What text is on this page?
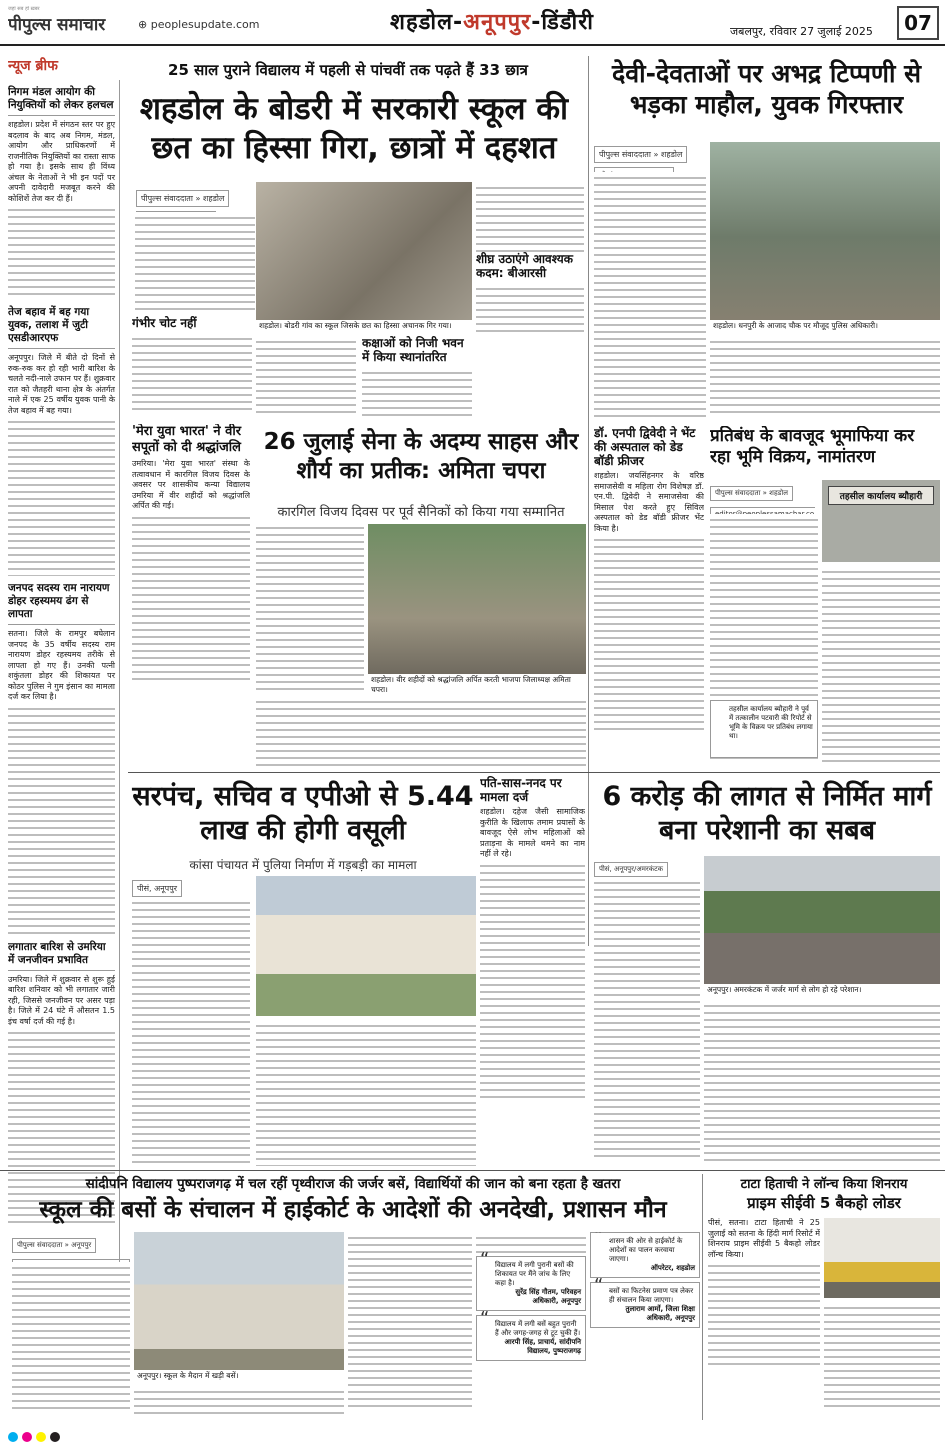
जहां सब हो ख़बर
पीपुल्स समाचार	⊕ peoplesupdate.com	शहडोल-अनूपपुर-डिंडौरी	जबलपुर, रविवार 27 जुलाई 2025	07
न्यूज ब्रीफ
निगम मंडल आयोग की नियुक्तियों को लेकर हलचल
शहडोल। प्रदेश में संगठन स्तर पर हुए बदलाव के बाद अब निगम, मंडल, आयोग और प्राधिकरणों में राजनीतिक नियुक्तियों का रास्ता साफ हो गया है। इसके साथ ही विंध्य अंचल के नेताओं ने भी इन पदों पर अपनी दावेदारी मजबूत करने की कोशिशें तेज कर दी हैं।
तेज बहाव में बह गया युवक, तलाश में जुटी एसडीआरएफ
अनूपपुर। जिले में बीते दो दिनों से रुक-रुक कर हो रही भारी बारिश के चलते नदी-नाले उफान पर हैं। शुक्रवार रात को जैतहरी थाना क्षेत्र के अंतर्गत नाले में एक 25 वर्षीय युवक पानी के तेज बहाव में बह गया।
जनपद सदस्य राम नारायण डोहर रहस्यमय ढंग से लापता
सतना। जिले के रामपुर बघेलान जनपद के 35 वर्षीय सदस्य राम नारायण डोहर रहस्यमय तरीके से लापता हो गए हैं। उनकी पत्नी शकुंतला डोहर की शिकायत पर कोठर पुलिस ने गुम इंसान का मामला दर्ज कर लिया है।
लगातार बारिश से उमरिया में जनजीवन प्रभावित
उमरिया। जिले में शुक्रवार से शुरू हुई बारिश शनिवार को भी लगातार जारी रही, जिससे जनजीवन पर असर पड़ा है। जिले में 24 घंटे में औसतन 1.5 इंच वर्षा दर्ज की गई है।
25 साल पुराने विद्यालय में पहली से पांचवीं तक पढ़ते हैं 33 छात्र
शहडोल के बोडरी में सरकारी स्कूल की छत का हिस्सा गिरा, छात्रों में दहशत
पीपुल्स संवाददाता » शहडोल
शहडोल। बोडरी गांव का स्कूल जिसके छत का हिस्सा अचानक गिर गया।
शीघ्र उठाएंगे आवश्यक कदम: बीआरसी
गंभीर चोट नहीं
कक्षाओं को निजी भवन में किया स्थानांतरित
'मेरा युवा भारत' ने वीर सपूतों को दी श्रद्धांजलि
उमरिया। 'मेरा युवा भारत' संस्था के तत्वावधान में कारगिल विजय दिवस के अवसर पर शासकीय कन्या विद्यालय उमरिया में वीर शहीदों को श्रद्धांजलि अर्पित की गई।
26 जुलाई सेना के अदम्य साहस और शौर्य का प्रतीक: अमिता चपरा
कारगिल विजय दिवस पर पूर्व सैनिकों को किया गया सम्मानित
शहडोल। वीर शहीदों को श्रद्धांजलि अर्पित करती भाजपा जिलाध्यक्ष अमिता चपरा।
देवी-देवताओं पर अभद्र टिप्पणी से भड़का माहौल, युवक गिरफ्तार
पीपुल्स संवाददाता » शहडोल
शहडोल। धनपुरी के आजाद चौक पर मौजूद पुलिस अधिकारी।
डॉ. एनपी द्विवेदी ने भेंट की अस्पताल को डेड बॉडी फ्रीजर
शहडोल। जयसिंहनगर के वरिष्ठ समाजसेवी व महिला रोग विशेषज्ञ डॉ. एन.पी. द्विवेदी ने समाजसेवा की मिसाल पेश करते हुए सिविल अस्पताल को डेड बॉडी फ्रीजर भेंट किया है।
प्रतिबंध के बावजूद भूमाफिया कर रहा भूमि विक्रय, नामांतरण
पीपुल्स संवाददाता » शहडोल	तहसील कार्यालय ब्यौहारी
“ तहसील कार्यालय ब्यौहारी ने पूर्व में तत्कालीन पटवारी की रिपोर्ट से भूमि के विक्रय पर प्रतिबंध लगाया था।
पति-सास-ननद पर मामला दर्ज
शहडोल। दहेज जैसी सामाजिक कुरीति के खिलाफ तमाम प्रयासों के बावजूद ऐसे लोभ महिलाओं को प्रताड़ना के मामले थमने का नाम नहीं ले रहे।
सरपंच, सचिव व एपीओ से 5.44 लाख की होगी वसूली
कांसा पंचायत में पुलिया निर्माण में गड़बड़ी का मामला
पीसं, अनूपपुर
6 करोड़ की लागत से निर्मित मार्ग बना परेशानी का सबब
पीसं, अनूपपुर/अमरकंटक
अनूपपुर। अमरकंटक में जर्जर मार्ग से लोग हो रहे परेशान।
सांदीपनि विद्यालय पुष्पराजगढ़ में चल रहीं पृथ्वीराज की जर्जर बसें, विद्यार्थियों की जान को बना रहता है खतरा
स्कूल की बसों के संचालन में हाईकोर्ट के आदेशों की अनदेखी, प्रशासन मौन
पीपुल्स संवाददाता » अनूपपुर
अनूपपुर। स्कूल के मैदान में खड़ी बसें।
“ विद्यालय में लगी पुरानी बसों की शिकायत पर मैंने जांच के लिए कहा है।
सुरेंद्र सिंह गौतम, परिवहन अधिकारी, अनूपपुर
“ विद्यालय में लगी बसें बहुत पुरानी हैं और जगह-जगह से टूट चुकी हैं।
आरपी सिंह, प्राचार्य, सांदीपनि विद्यालय, पुष्पराजगढ़
“ शासन की ओर से हाईकोर्ट के आदेशों का पालन करवाया जाएगा।
ऑपरेटर, शहडोल
“ बसों का फिटनेस प्रमाण पत्र लेकर ही संचालन किया जाएगा।
तुलाराम आर्मो, जिला शिक्षा अधिकारी, अनूपपुर
टाटा हिताची ने लॉन्च किया शिनराय
प्राइम सीईवी 5 बैकहो लोडर
पीसं, सतना। टाटा हिताची ने 25 जुलाई को सतना के हिंदी मार्ग रिसोर्ट में शिनराय प्राइम सीईवी 5 बैकहो लोडर लॉन्च किया।
